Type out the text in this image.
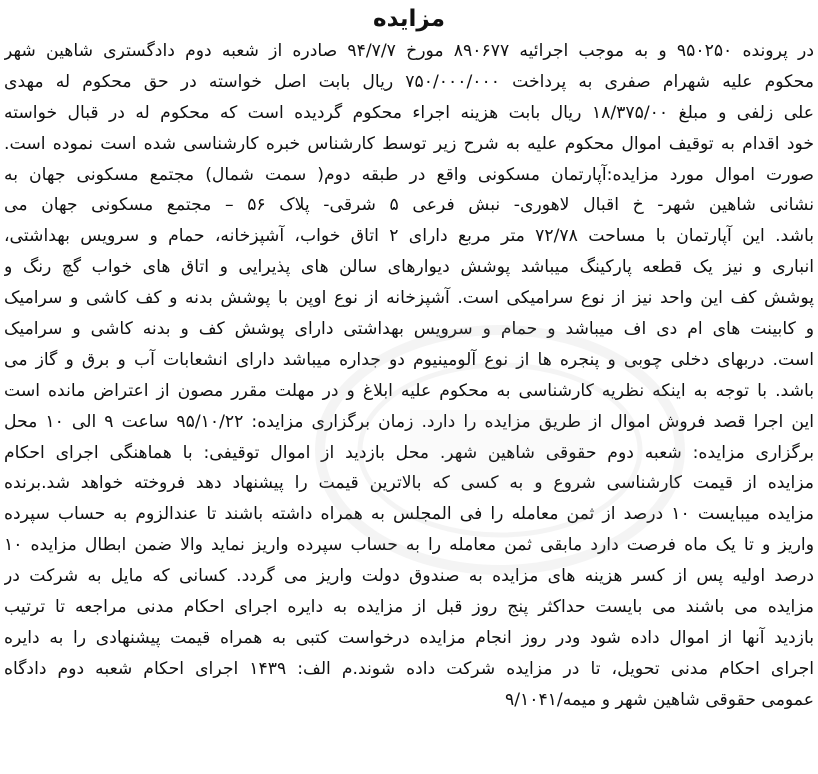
مزایده
در پرونده ۹۵۰۲۵۰ و به موجب اجرائیه ۸۹۰۶۷۷ مورخ ۹۴/۷/۷ صادره از شعبه دوم دادگستری شاهین شهر
محکوم علیه شهرام صفری به پرداخت ۷۵۰/۰۰۰/۰۰۰ ریال بابت اصل خواسته در حق محکوم له مهدی
علی زلفی و مبلغ ۱۸/۳۷۵/۰۰ ریال بابت هزینه اجراء محکوم گردیده است که محکوم له در قبال خواسته
خود اقدام به توقیف اموال محکوم علیه به شرح زیر توسط کارشناس خبره کارشناسی شده است نموده است.
صورت اموال مورد مزایده:آپارتمان مسکونی واقع در طبقه دوم( سمت شمال) مجتمع مسکونی جهان به
نشانی شاهین شهر- خ اقبال لاهوری- نبش فرعی ۵ شرقی- پلاک ۵۶ – مجتمع مسکونی جهان می
باشد. این آپارتمان با مساحت ۷۲/۷۸ متر مربع دارای ۲ اتاق خواب، آشپزخانه، حمام و سرویس بهداشتی،
انباری و نیز یک قطعه پارکینگ میباشد پوشش دیوارهای سالن های پذیرایی و اتاق های خواب گچ رنگ و
پوشش کف این واحد نیز از نوع سرامیکی است. آشپزخانه از نوع اوپن با پوشش بدنه و کف کاشی و سرامیک
و کابینت های ام دی اف میباشد و حمام و سرویس بهداشتی دارای پوشش کف و بدنه کاشی و سرامیک
است. دربهای دخلی چوبی و پنجره ها از نوع آلومینیوم دو جداره میباشد دارای انشعابات آب و برق و گاز می
باشد. با توجه به اینکه نظریه کارشناسی به محکوم علیه ابلاغ و در مهلت مقرر مصون از اعتراض مانده است
این اجرا قصد فروش اموال از طریق مزایده را دارد. زمان برگزاری مزایده: ۹۵/۱۰/۲۲ ساعت ۹ الی ۱۰ محل
برگزاری مزایده: شعبه دوم حقوقی شاهین شهر. محل بازدید از اموال توقیفی: با هماهنگی اجرای احکام
مزایده از قیمت کارشناسی شروع و به کسی که بالاترین قیمت را پیشنهاد دهد فروخته خواهد شد.برنده
مزایده میبایست ۱۰ درصد از ثمن معامله را فی المجلس به همراه داشته باشند تا عندالزوم به حساب سپرده
واریز و تا یک ماه فرصت دارد مابقی ثمن معامله را به حساب سپرده واریز نماید والا ضمن ابطال مزایده ۱۰
درصد اولیه پس از کسر هزینه های مزایده به صندوق دولت واریز می گردد. کسانی که مایل به شرکت در
مزایده می باشند می بایست حداکثر پنج روز قبل از مزایده به دایره اجرای احکام مدنی مراجعه تا ترتیب
بازدید آنها از اموال داده شود ودر روز انجام مزایده درخواست کتبی به همراه قیمت پیشنهادی را به دایره
اجرای احکام مدنی تحویل، تا در مزایده شرکت داده شوند.م الف: ۱۴۳۹ اجرای احکام شعبه دوم دادگاه
عمومی حقوقی شاهین شهر و میمه/۹/۱۰۴۱
